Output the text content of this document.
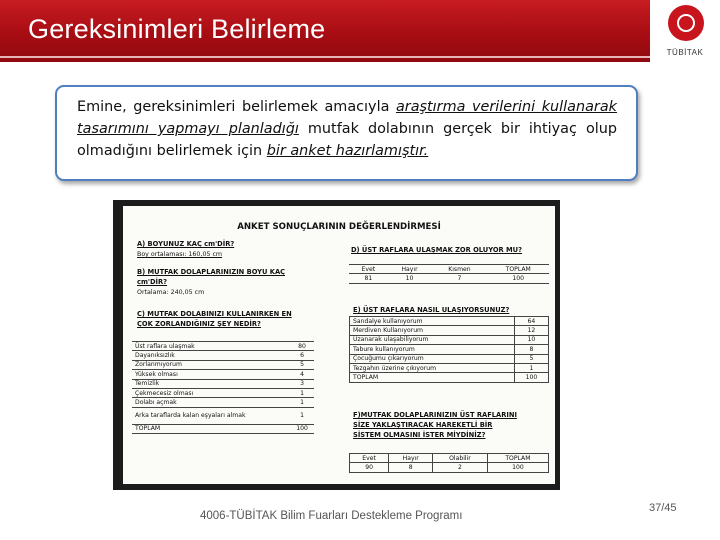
Gereksinimleri Belirleme
TÜBİTAK
Emine, gereksinimleri belirlemek amacıyla araştırma verilerini kullanarak tasarımını yapmayı planladığı mutfak dolabının gerçek bir ihtiyaç olup olmadığını belirlemek için bir anket hazırlamıştır.
ANKET SONUÇLARININ DEĞERLENDİRMESİ
A) BOYUNUZ KAÇ cm'DİR?
Boy ortalaması: 160,05 cm
B) MUTFAK DOLAPLARINIZIN BOYU KAÇ
cm'DİR?
Ortalama: 240,05 cm
C) MUTFAK DOLABINIZI KULLANIRKEN EN
ÇOK ZORLANDIĞINIZ ŞEY NEDİR?
Üst raflara ulaşmak	80
Dayanıksızlık	6
Zorlanmıyorum	5
Yüksek olması	4
Temizlik	3
Çekmecesiz olması	1
Dolabı açmak	1
Arka taraflarda kalan eşyaları almak	1
TOPLAM	100
D) ÜST RAFLARA ULAŞMAK ZOR OLUYOR MU?
Evet	Hayır	Kısmen	TOPLAM
81	10	7	100
E) ÜST RAFLARA NASIL ULAŞIYORSUNUZ?
Sandalye kullanıyorum	64
Merdiven Kullanıyorum	12
Uzanarak ulaşabiliyorum	10
Tabure kullanıyorum	8
Çocuğumu çıkarıyorum	5
Tezgahın üzerine çıkıyorum	1
TOPLAM	100
F)MUTFAK DOLAPLARINIZIN ÜST RAFLARINI
SİZE YAKLAŞTIRACAK HAREKETLİ BİR
SİSTEM OLMASINI İSTER MİYDİNİZ?
Evet	Hayır	Olabilir	TOPLAM
90	8	2	100
4006-TÜBİTAK Bilim Fuarları Destekleme Programı
37/45
